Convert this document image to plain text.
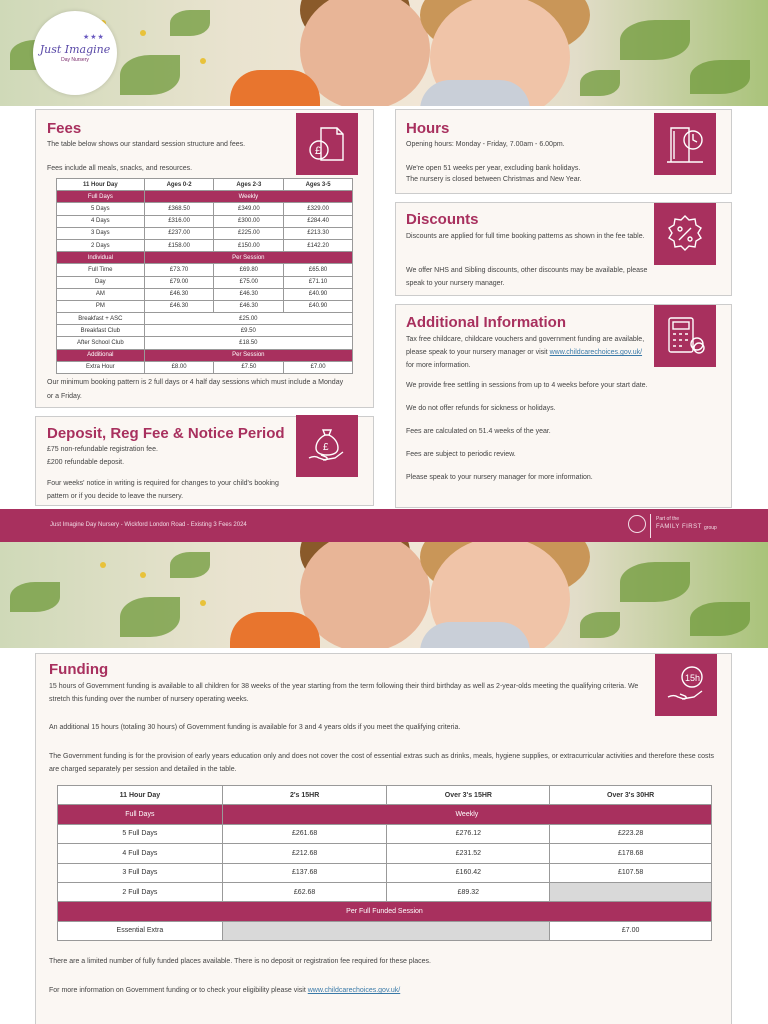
★★★
Just Imagine
Day Nursery
Fees
The table below shows our standard session structure and fees.
Fees include all meals, snacks, and resources.
£
11 Hour Day	Ages 0-2	Ages 2-3	Ages 3-5
Full Days	Weekly		
5 Days	£368.50	£349.00	£329.00
4 Days	£316.00	£300.00	£284.40
3 Days	£237.00	£225.00	£213.30
2 Days	£158.00	£150.00	£142.20
Individual	Per Session		
Full Time	£73.70	£69.80	£65.80
Day	£79.00	£75.00	£71.10
AM	£46.30	£46.30	£40.90
PM	£46.30	£46.30	£40.90
Breakfast + ASC	£25.00		
Breakfast Club	£9.50		
After School Club	£18.50		
Additional	Per Session		
Extra Hour	£8.00	£7.50	£7.00
Our minimum booking pattern is 2 full days or 4 half day sessions which must include a Monday or a Friday.
Hours
Opening hours: Monday - Friday, 7.00am - 6.00pm.
We're open 51 weeks per year, excluding bank holidays.
The nursery is closed between Christmas and New Year.
Discounts
Discounts are applied for full time booking patterns as shown in the fee table.
We offer NHS and Sibling discounts, other discounts may be available, please speak to your nursery manager.
Additional Information
Tax free childcare, childcare vouchers and government funding are available, please speak to your nursery manager or visit www.childcarechoices.gov.uk/ for more information.
We provide free settling in sessions from up to 4 weeks before your start date.
We do not offer refunds for sickness or holidays.
Fees are calculated on 51.4 weeks of the year.
Fees are subject to periodic review.
Please speak to your nursery manager for more information.
Deposit, Reg Fee & Notice Period
£75 non-refundable registration fee.
£200 refundable deposit.
Four weeks' notice in writing is required for changes to your child's booking pattern or if you decide to leave the nursery.
£
Just Imagine Day Nursery - Wickford London Road - Existing 3 Fees 2024
Part of the
FAMILY FIRST group
Funding
15 hours of Government funding is available to all children for 38 weeks of the year starting from the term following their third birthday as well as 2-year-olds meeting the qualifying criteria. We stretch this funding over the number of nursery operating weeks.
An additional 15 hours (totaling 30 hours) of Government funding is available for 3 and 4 years olds if you meet the qualifying criteria.
The Government funding is for the provision of early years education only and does not cover the cost of essential extras such as drinks, meals, hygiene supplies, or extracurricular activities and therefore these costs are charged separately per session and detailed in the table.
15h
11 Hour Day	2's 15HR	Over 3's 15HR	Over 3's 30HR
Full Days	Weekly		
5 Full Days	£261.68	£276.12	£223.28
4 Full Days	£212.68	£231.52	£178.68
3 Full Days	£137.68	£160.42	£107.58
2 Full Days	£62.68	£89.32	
Per Full Funded Session			
Essential Extra			£7.00
There are a limited number of fully funded places available. There is no deposit or registration fee required for these places.
For more information on Government funding or to check your eligibility please visit www.childcarechoices.gov.uk/
